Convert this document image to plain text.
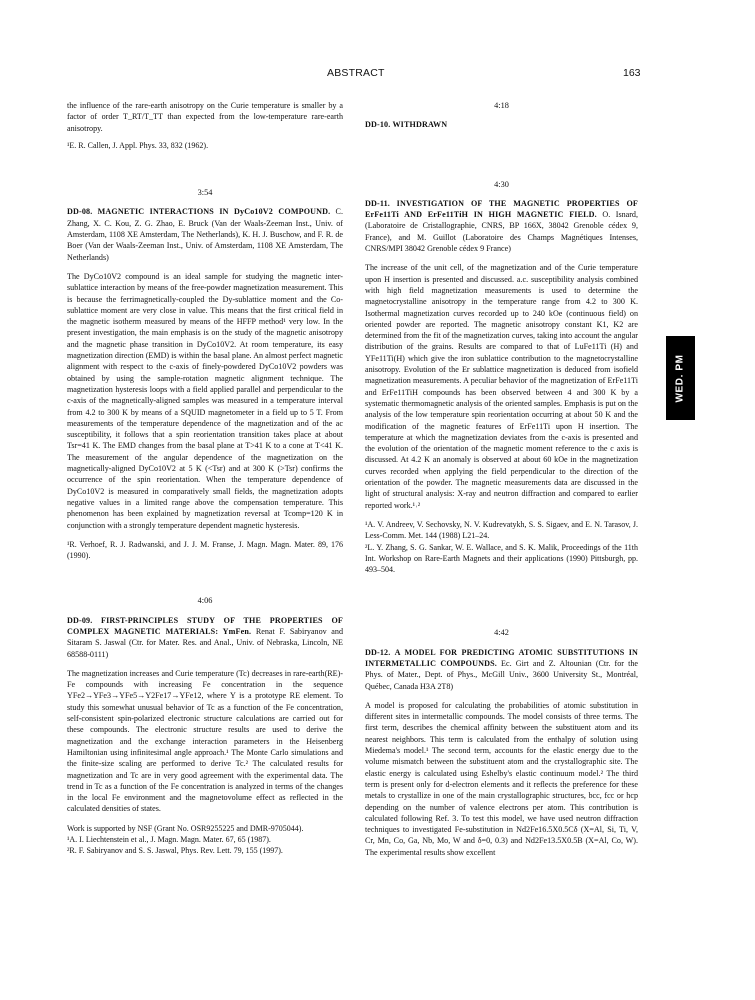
ABSTRACT	163
WED. PM

the influence of the rare-earth anisotropy on the Curie temperature is smaller by a factor of order T_RT/T_TT than expected from the low-temperature rare-earth anisotropy.

¹E. R. Callen, J. Appl. Phys. 33, 832 (1962).

3:54

DD-08. MAGNETIC INTERACTIONS IN DyCo10V2 COMPOUND. C. Zhang, X. C. Kou, Z. G. Zhao, E. Bruck (Van der Waals-Zeeman Inst., Univ. of Amsterdam, 1108 XE Amsterdam, The Netherlands), K. H. J. Buschow, and F. R. de Boer (Van der Waals-Zeeman Inst., Univ. of Amsterdam, 1108 XE Amsterdam, The Netherlands)

The DyCo10V2 compound is an ideal sample for studying the magnetic inter-sublattice interaction by means of the free-powder magnetization measurement. This is because the ferrimagnetically-coupled the Dy-sublattice moment and the Co-sublattice moment are very close in value. This means that the first critical field in the magnetic isotherm measured by means of the HFFP method¹ very low. In the present investigation, the main emphasis is on the study of the magnetic anisotropy and the magnetic phase transition in DyCo10V2. At room temperature, its easy magnetization direction (EMD) is within the basal plane. An almost perfect magnetic alignment with respect to the c-axis of finely-powdered DyCo10V2 powders was obtained by using the sample-rotation magnetic alignment technique. The magnetization hysteresis loops with a field applied parallel and perpendicular to the c-axis of the magnetically-aligned samples was measured in a temperature interval from 4.2 to 300 K by means of a SQUID magnetometer in a field up to 5 T. From measurements of the temperature dependence of the magnetization and of the ac susceptibility, it follows that a spin reorientation transition takes place at about Tsr=41 K. The EMD changes from the basal plane at T>41 K to a cone at T<41 K. The measurement of the angular dependence of the magnetization on the magnetically-aligned DyCo10V2 at 5 K (<Tsr) and at 300 K (>Tsr) confirms the occurrence of the spin reorientation. When the temperature dependence of DyCo10V2 is measured in comparatively small fields, the magnetization adopts negative values in a limited range above the compensation temperature. This phenomenon has been explained by magnetization reversal at Tcomp=120 K in conjunction with a strongly temperature dependent magnetic hysteresis.

¹R. Verhoef, R. J. Radwanski, and J. J. M. Franse, J. Magn. Magn. Mater. 89, 176 (1990).

4:06

DD-09. FIRST-PRINCIPLES STUDY OF THE PROPERTIES OF COMPLEX MAGNETIC MATERIALS: YmFen. Renat F. Sabiryanov and Sitaram S. Jaswal (Ctr. for Mater. Res. and Anal., Univ. of Nebraska, Lincoln, NE 68588-0111)

The magnetization increases and Curie temperature (Tc) decreases in rare-earth(RE)-Fe compounds with increasing Fe concentration in the sequence YFe2→YFe3→YFe5→Y2Fe17→YFe12, where Y is a prototype RE element. To study this somewhat unusual behavior of Tc as a function of the Fe concentration, self-consistent spin-polarized electronic structure calculations are carried out for these compounds. The electronic structure results are used to derive the magnetization and the exchange interaction parameters in the Heisenberg Hamiltonian using infinitesimal angle approach.¹ The Monte Carlo simulations and the finite-size scaling are performed to derive Tc.² The calculated results for magnetization and Tc are in very good agreement with the experimental data. The trend in Tc as a function of the Fe concentration is analyzed in terms of the changes in the local Fe environment and the magnetovolume effect as reflected in the calculated densities of states.

Work is supported by NSF (Grant No. OSR9255225 and DMR-9705044).

¹A. I. Liechtenstein et al., J. Magn. Magn. Mater. 67, 65 (1987).

²R. F. Sabiryanov and S. S. Jaswal, Phys. Rev. Lett. 79, 155 (1997).

4:18

DD-10. WITHDRAWN

4:30

DD-11. INVESTIGATION OF THE MAGNETIC PROPERTIES OF ErFe11Ti AND ErFe11TiH IN HIGH MAGNETIC FIELD. O. Isnard, (Laboratoire de Cristallographie, CNRS, BP 166X, 38042 Grenoble cédex 9, France), and M. Guillot (Laboratoire des Champs Magnétiques Intenses, CNRS/MPI 38042 Grenoble cédex 9 France)

The increase of the unit cell, of the magnetization and of the Curie temperature upon H insertion is presented and discussed. a.c. susceptibility analysis combined with high field magnetization measurements is used to determine the magnetocrystalline anisotropy in the temperature range from 4.2 to 300 K. Isothermal magnetization curves recorded up to 240 kOe (continuous field) on oriented powder are reported. The magnetic anisotropy constant K1, K2 are determined from the fit of the magnetization curves, taking into account the angular distribution of the grains. Results are compared to that of LuFe11Ti (H) and YFe11Ti(H) which give the iron sublattice contribution to the magnetocrystalline anisotropy. Evolution of the Er sublattice magnetization is deduced from isofield magnetization measurements. A peculiar behavior of the magnetization of ErFe11Ti and ErFe11TiH compounds has been observed between 4 and 300 K by a systematic thermomagnetic analysis of the oriented samples. Emphasis is put on the analysis of the low temperature spin reorientation occurring at about 50 K and the modification of the magnetic features of ErFe11Ti upon H insertion. The temperature at which the magnetization deviates from the c-axis is presented and the evolution of the orientation of the magnetic moment reference to the c axis is discussed. At 4.2 K an anomaly is observed at about 60 kOe in the magnetization curves recorded when applying the field perpendicular to the direction of the orientation of the powder. The magnetic measurements data are discussed in the light of structural analysis: X-ray and neutron diffraction and compared to earlier reported work.¹˒²

¹A. V. Andreev, V. Sechovsky, N. V. Kudrevatykh, S. S. Sigaev, and E. N. Tarasov, J. Less-Comm. Met. 144 (1988) L21–24.

²L. Y. Zhang, S. G. Sankar, W. E. Wallace, and S. K. Malik, Proceedings of the 11th Int. Workshop on Rare-Earth Magnets and their applications (1990) Pittsburgh, pp. 493–504.

4:42

DD-12. A MODEL FOR PREDICTING ATOMIC SUBSTITUTIONS IN INTERMETALLIC COMPOUNDS. Ec. Girt and Z. Altounian (Ctr. for the Phys. of Mater., Dept. of Phys., McGill Univ., 3600 University St., Montréal, Québec, Canada H3A 2T8)

A model is proposed for calculating the probabilities of atomic substitution in different sites in intermetallic compounds. The model consists of three terms. The first term, describes the chemical affinity between the substituent atom and its nearest neighbors. This term is calculated from the enthalpy of solution using Miedema's model.¹ The second term, accounts for the elastic energy due to the volume mismatch between the substituent atom and the crystallographic site. The elastic energy is calculated using Eshelby's elastic continuum model.² The third term is present only for d-electron elements and it reflects the preference for these metals to crystallize in one of the main crystallographic structures, bcc, fcc or hcp depending on the number of valence electrons per atom. This contribution is calculated following Ref. 3. To test this model, we have used neutron diffraction techniques to investigated Fe-substitution in Nd2Fe16.5X0.5Cδ (X=Al, Si, Ti, V, Cr, Mn, Co, Ga, Nb, Mo, W and δ=0, 0.3) and Nd2Fe13.5X0.5B (X=Al, Co, W). The experimental results show excellent
